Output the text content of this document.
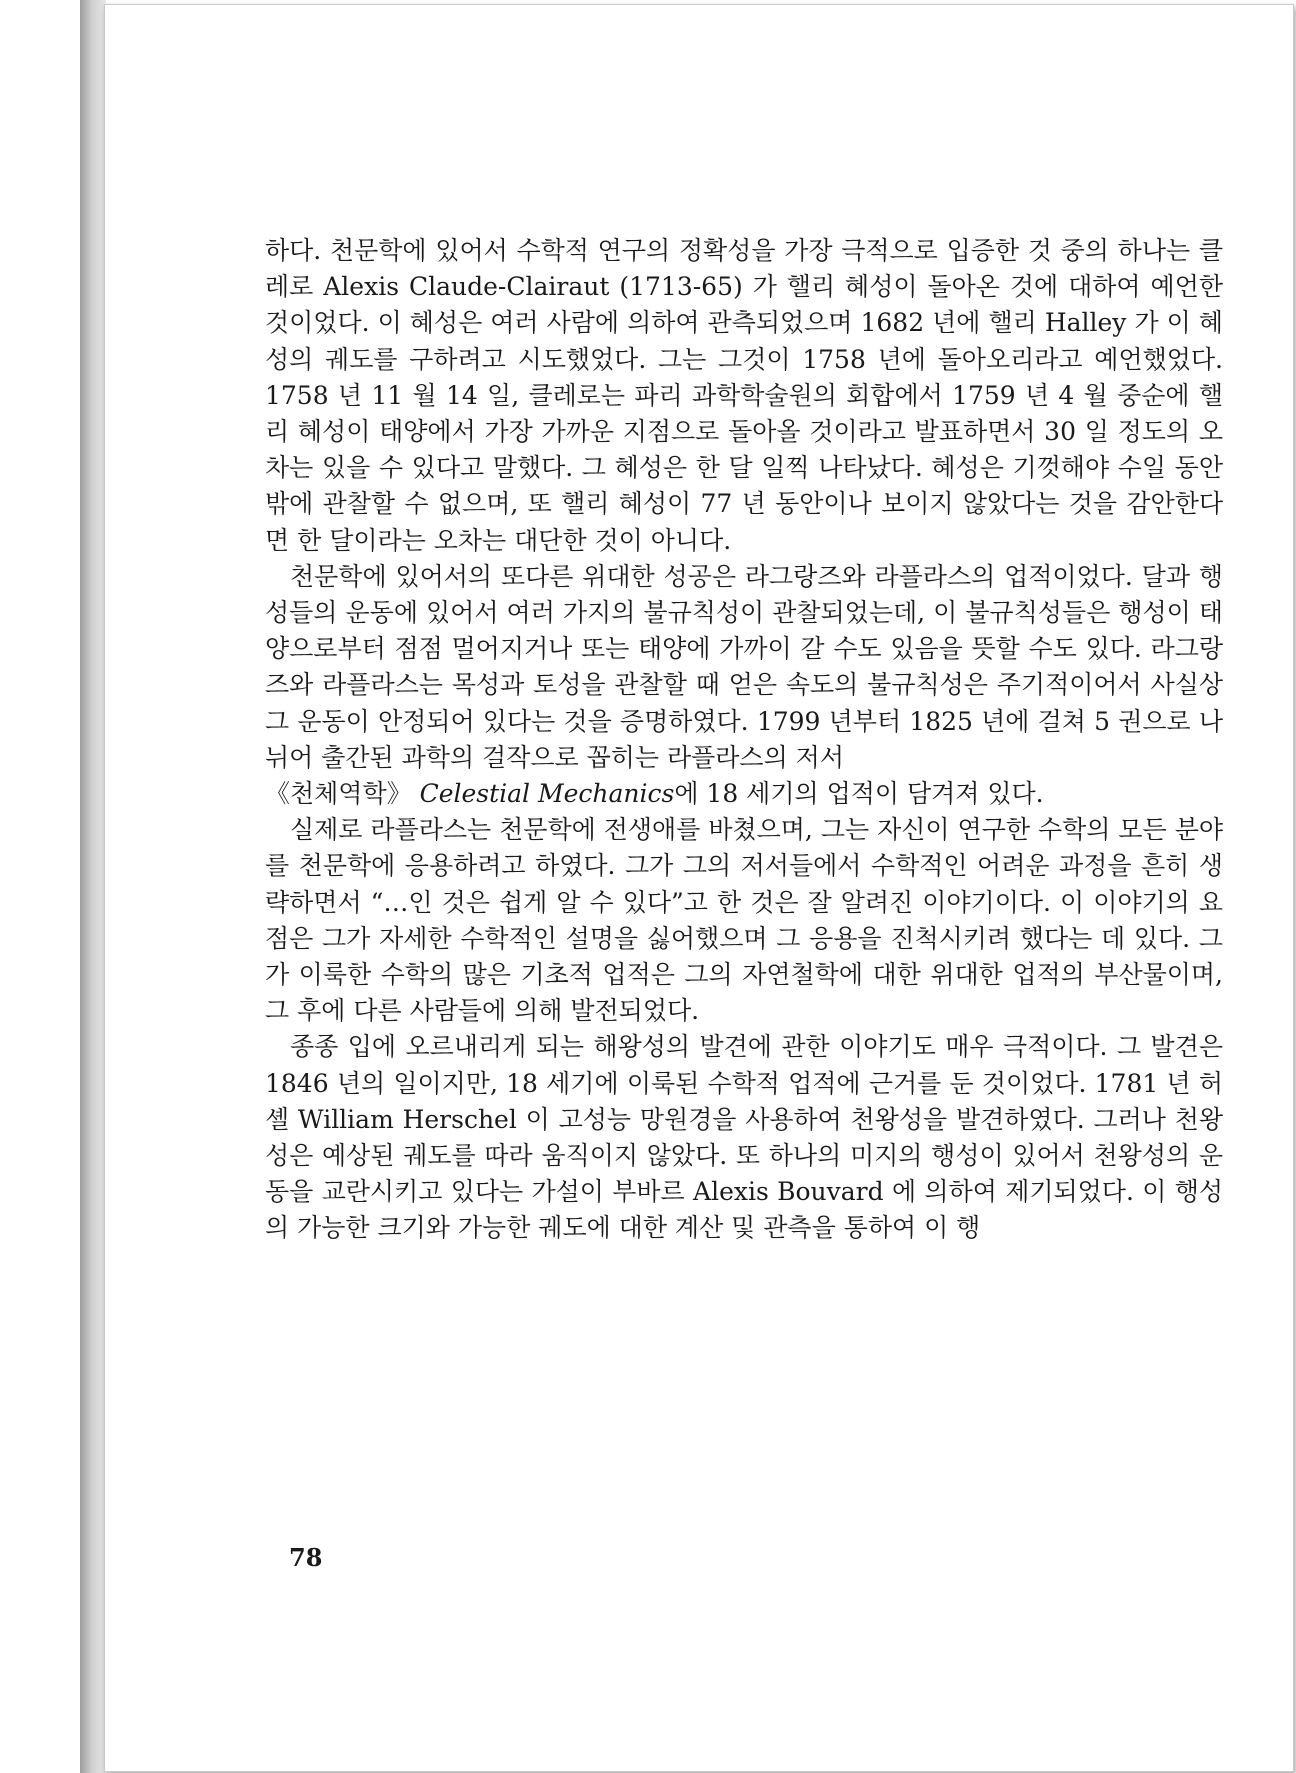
하다. 천문학에 있어서 수학적 연구의 정확성을 가장 극적으로 입증한 것 중의 하나는 클레로 Alexis Claude-Clairaut (1713-65) 가 핼리 혜성이 돌아온 것에 대하여 예언한 것이었다. 이 혜성은 여러 사람에 의하여 관측되었으며 1682 년에 핼리 Halley 가 이 혜성의 궤도를 구하려고 시도했었다. 그는 그것이 1758 년에 돌아오리라고 예언했었다. 1758 년 11 월 14 일, 클레로는 파리 과학학술원의 회합에서 1759 년 4 월 중순에 핼리 혜성이 태양에서 가장 가까운 지점으로 돌아올 것이라고 발표하면서 30 일 정도의 오차는 있을 수 있다고 말했다. 그 혜성은 한 달 일찍 나타났다. 혜성은 기껏해야 수일 동안밖에 관찰할 수 없으며, 또 핼리 혜성이 77 년 동안이나 보이지 않았다는 것을 감안한다면 한 달이라는 오차는 대단한 것이 아니다.

천문학에 있어서의 또다른 위대한 성공은 라그랑즈와 라플라스의 업적이었다. 달과 행성들의 운동에 있어서 여러 가지의 불규칙성이 관찰되었는데, 이 불규칙성들은 행성이 태양으로부터 점점 멀어지거나 또는 태양에 가까이 갈 수도 있음을 뜻할 수도 있다. 라그랑즈와 라플라스는 목성과 토성을 관찰할 때 얻은 속도의 불규칙성은 주기적이어서 사실상 그 운동이 안정되어 있다는 것을 증명하였다. 1799 년부터 1825 년에 걸쳐 5 권으로 나뉘어 출간된 과학의 걸작으로 꼽히는 라플라스의 저서
《천체역학》 Celestial Mechanics에 18 세기의 업적이 담겨져 있다.

실제로 라플라스는 천문학에 전생애를 바쳤으며, 그는 자신이 연구한 수학의 모든 분야를 천문학에 응용하려고 하였다. 그가 그의 저서들에서 수학적인 어려운 과정을 흔히 생략하면서 “…인 것은 쉽게 알 수 있다”고 한 것은 잘 알려진 이야기이다. 이 이야기의 요점은 그가 자세한 수학적인 설명을 싫어했으며 그 응용을 진척시키려 했다는 데 있다. 그가 이룩한 수학의 많은 기초적 업적은 그의 자연철학에 대한 위대한 업적의 부산물이며, 그 후에 다른 사람들에 의해 발전되었다.

종종 입에 오르내리게 되는 해왕성의 발견에 관한 이야기도 매우 극적이다. 그 발견은 1846 년의 일이지만, 18 세기에 이룩된 수학적 업적에 근거를 둔 것이었다. 1781 년 허셸 William Herschel 이 고성능 망원경을 사용하여 천왕성을 발견하였다. 그러나 천왕성은 예상된 궤도를 따라 움직이지 않았다. 또 하나의 미지의 행성이 있어서 천왕성의 운동을 교란시키고 있다는 가설이 부바르 Alexis Bouvard 에 의하여 제기되었다. 이 행성의 가능한 크기와 가능한 궤도에 대한 계산 및 관측을 통하여 이 행

78
